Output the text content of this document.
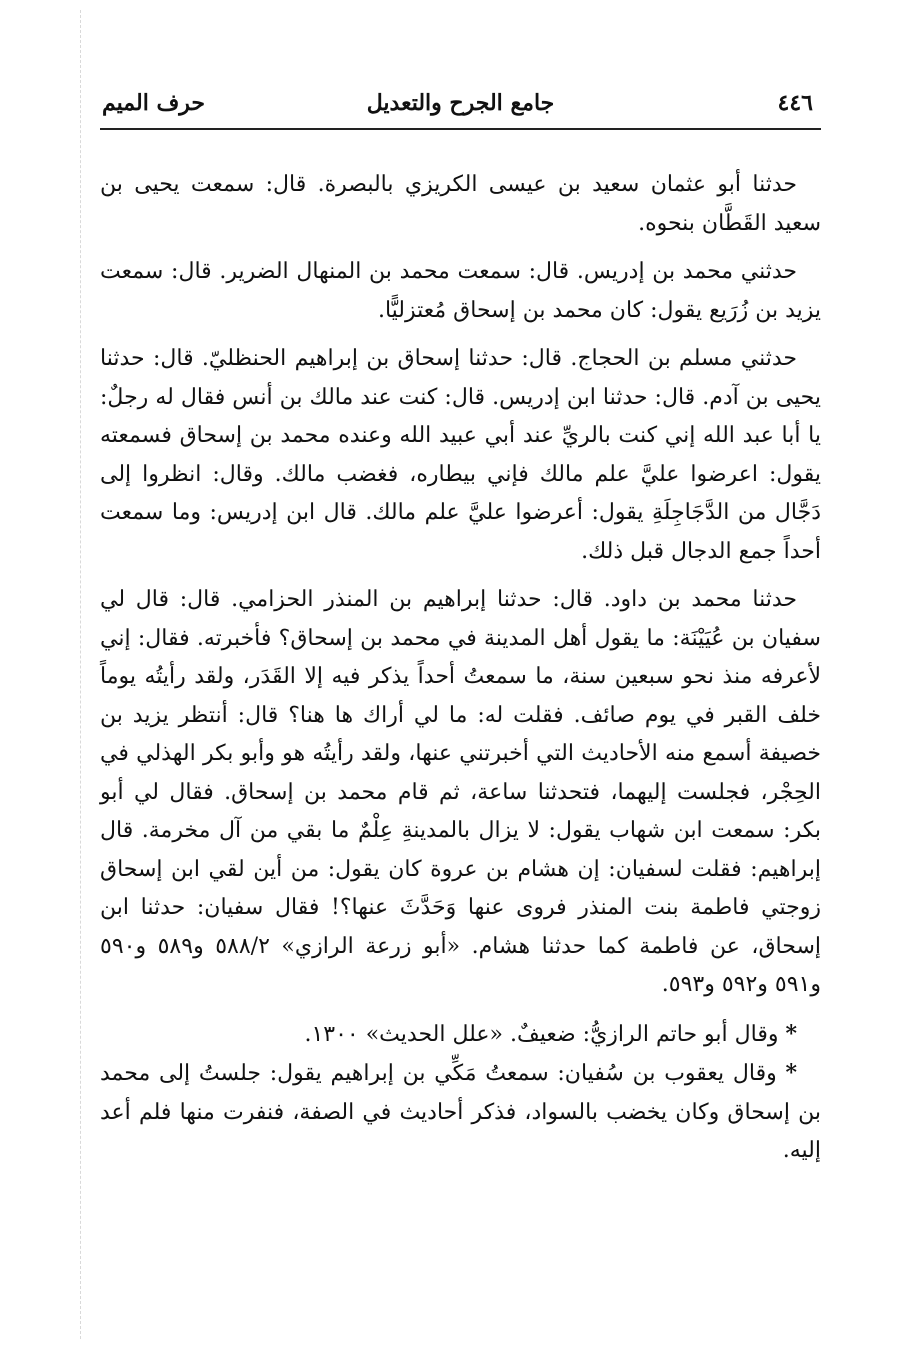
٤٤٦
جامع الجرح والتعديل
حرف الميم

حدثنا أبو عثمان سعيد بن عيسى الكريزي بالبصرة. قال: سمعت يحيى بن سعيد القَطَّان بنحوه.

حدثني محمد بن إدريس. قال: سمعت محمد بن المنهال الضرير. قال: سمعت يزيد بن زُرَيع يقول: كان محمد بن إسحاق مُعتزليًّا.

حدثني مسلم بن الحجاج. قال: حدثنا إسحاق بن إبراهيم الحنظليّ. قال: حدثنا يحيى بن آدم. قال: حدثنا ابن إدريس. قال: كنت عند مالك بن أنس فقال له رجلٌ: يا أبا عبد الله إني كنت بالريِّ عند أبي عبيد الله وعنده محمد بن إسحاق فسمعته يقول: اعرضوا عليَّ علم مالك فإني بيطاره، فغضب مالك. وقال: انظروا إلى دَجَّال من الدَّجَاجِلَةِ يقول: أعرضوا عليَّ علم مالك. قال ابن إدريس: وما سمعت أحداً جمع الدجال قبل ذلك.

حدثنا محمد بن داود. قال: حدثنا إبراهيم بن المنذر الحزامي. قال: قال لي سفيان بن عُيَيْنَة: ما يقول أهل المدينة في محمد بن إسحاق؟ فأخبرته. فقال: إني لأعرفه منذ نحو سبعين سنة، ما سمعتُ أحداً يذكر فيه إلا القَدَر، ولقد رأيتُه يوماً خلف القبر في يوم صائف. فقلت له: ما لي أراك ها هنا؟ قال: أنتظر يزيد بن خصيفة أسمع منه الأحاديث التي أخبرتني عنها، ولقد رأيتُه هو وأبو بكر الهذلي في الحِجْر، فجلست إليهما، فتحدثنا ساعة، ثم قام محمد بن إسحاق. فقال لي أبو بكر: سمعت ابن شهاب يقول: لا يزال بالمدينةِ عِلْمٌ ما بقي من آل مخرمة. قال إبراهيم: فقلت لسفيان: إن هشام بن عروة كان يقول: من أين لقي ابن إسحاق زوجتي فاطمة بنت المنذر فروى عنها وَحَدَّثَ عنها؟! فقال سفيان: حدثنا ابن إسحاق، عن فاطمة كما حدثنا هشام. «أبو زرعة الرازي» ٥٨٨/٢ و٥٨٩ و٥٩٠ و٥٩١ و٥٩٢ و٥٩٣.

* وقال أبو حاتم الرازيُّ: ضعيفٌ. «علل الحديث» ١٣٠٠.

* وقال يعقوب بن سُفيان: سمعتُ مَكِّي بن إبراهيم يقول: جلستُ إلى محمد بن إسحاق وكان يخضب بالسواد، فذكر أحاديث في الصفة، فنفرت منها فلم أعد إليه.
